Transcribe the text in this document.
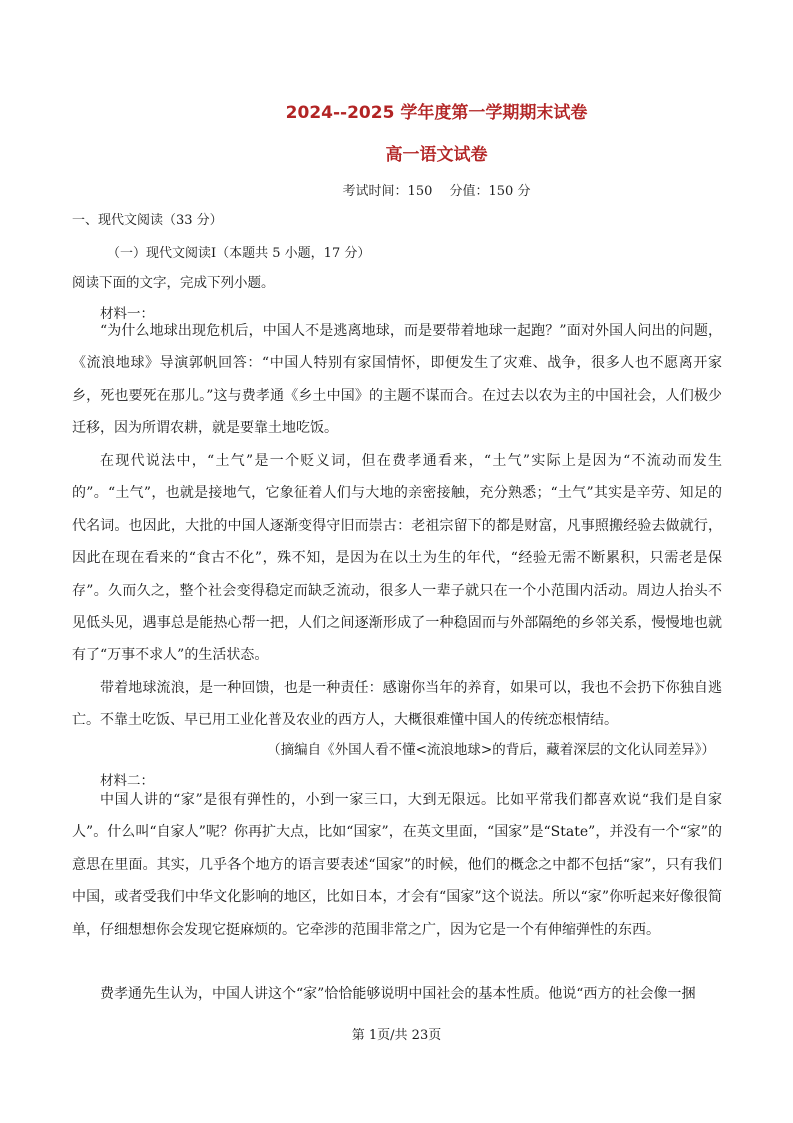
2024--2025 学年度第一学期期末试卷
高一语文试卷
考试时间：150　 分值：150 分
一、现代文阅读（33 分）
（一）现代文阅读Ⅰ（本题共 5 小题，17 分）
阅读下面的文字，完成下列小题。
材料一：

“为什么地球出现危机后，中国人不是逃离地球，而是要带着地球一起跑？”面对外国人问出的问题，《流浪地球》导演郭帆回答：“中国人特别有家国情怀，即便发生了灾难、战争，很多人也不愿离开家乡，死也要死在那儿。”这与费孝通《乡土中国》的主题不谋而合。在过去以农为主的中国社会，人们极少迁移，因为所谓农耕，就是要靠土地吃饭。

在现代说法中，“土气”是一个贬义词，但在费孝通看来，“土气”实际上是因为“不流动而发生的”。“土气”，也就是接地气，它象征着人们与大地的亲密接触，充分熟悉；“土气”其实是辛劳、知足的代名词。也因此，大批的中国人逐渐变得守旧而崇古：老祖宗留下的都是财富，凡事照搬经验去做就行，因此在现在看来的“食古不化”，殊不知，是因为在以土为生的年代，“经验无需不断累积，只需老是保存”。久而久之，整个社会变得稳定而缺乏流动，很多人一辈子就只在一个小范围内活动。周边人抬头不见低头见，遇事总是能热心帮一把，人们之间逐渐形成了一种稳固而与外部隔绝的乡邻关系，慢慢地也就有了“万事不求人”的生活状态。

带着地球流浪，是一种回馈，也是一种责任：感谢你当年的养育，如果可以，我也不会扔下你独自逃亡。不靠土吃饭、早已用工业化普及农业的西方人，大概很难懂中国人的传统恋根情结。

（摘编自《外国人看不懂<流浪地球>的背后，藏着深层的文化认同差异》）
材料二：

中国人讲的“家”是很有弹性的，小到一家三口，大到无限远。比如平常我们都喜欢说“我们是自家人”。什么叫“自家人”呢？你再扩大点，比如“国家”，在英文里面，“国家”是“State”，并没有一个“家”的意思在里面。其实，几乎各个地方的语言要表述“国家”的时候，他们的概念之中都不包括“家”，只有我们中国，或者受我们中华文化影响的地区，比如日本，才会有“国家”这个说法。所以“家”你听起来好像很简单，仔细想想你会发现它挺麻烦的。它牵涉的范围非常之广，因为它是一个有伸缩弹性的东西。

费孝通先生认为，中国人讲这个“家”恰恰能够说明中国社会的基本性质。他说“西方的社会像一捆

第 1页/共 23页
